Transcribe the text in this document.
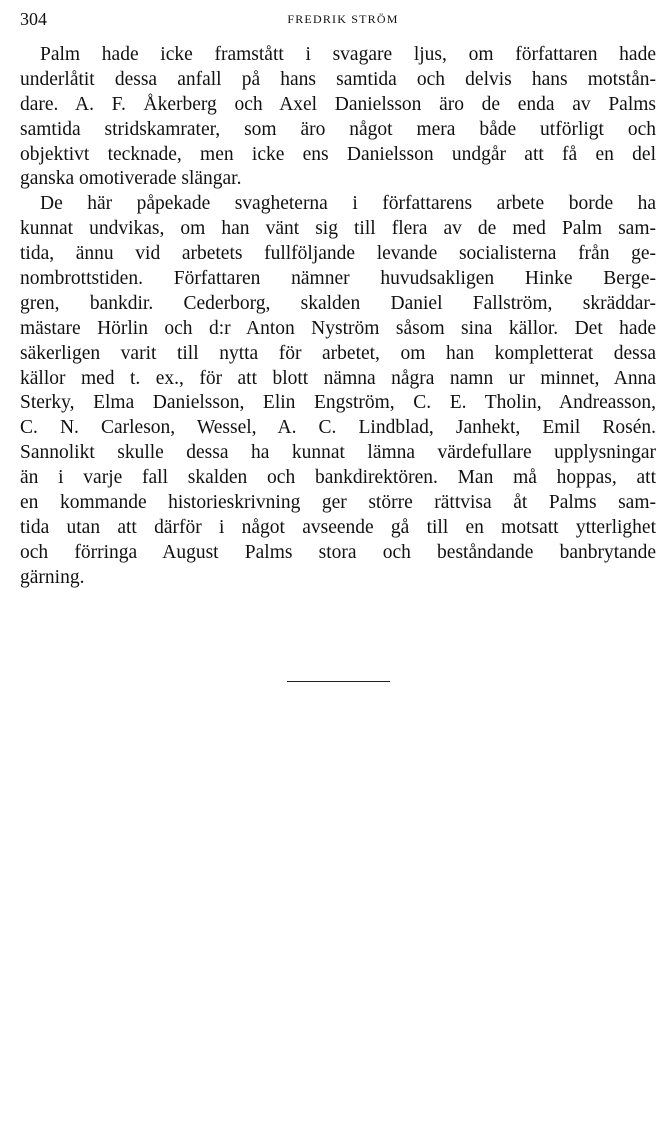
304	FREDRIK STRÖM
Palm hade icke framstått i svagare ljus, om författaren hade
underlåtit dessa anfall på hans samtida och delvis hans motstån-
dare. A. F. Åkerberg och Axel Danielsson äro de enda av Palms
samtida stridskamrater, som äro något mera både utförligt och
objektivt tecknade, men icke ens Danielsson undgår att få en del
ganska omotiverade slängar.
De här påpekade svagheterna i författarens arbete borde ha
kunnat undvikas, om han vänt sig till flera av de med Palm sam-
tida, ännu vid arbetets fullföljande levande socialisterna från ge-
nombrottstiden. Författaren nämner huvudsakligen Hinke Berge-
gren, bankdir. Cederborg, skalden Daniel Fallström, skräddar-
mästare Hörlin och d:r Anton Nyström såsom sina källor. Det hade
säkerligen varit till nytta för arbetet, om han kompletterat dessa
källor med t. ex., för att blott nämna några namn ur minnet, Anna
Sterky, Elma Danielsson, Elin Engström, C. E. Tholin, Andreasson,
C. N. Carleson, Wessel, A. C. Lindblad, Janhekt, Emil Rosén.
Sannolikt skulle dessa ha kunnat lämna värdefullare upplysningar
än i varje fall skalden och bankdirektören. Man må hoppas, att
en kommande historieskrivning ger större rättvisa åt Palms sam-
tida utan att därför i något avseende gå till en motsatt ytterlighet
och förringa August Palms stora och beståndande banbrytande
gärning.
